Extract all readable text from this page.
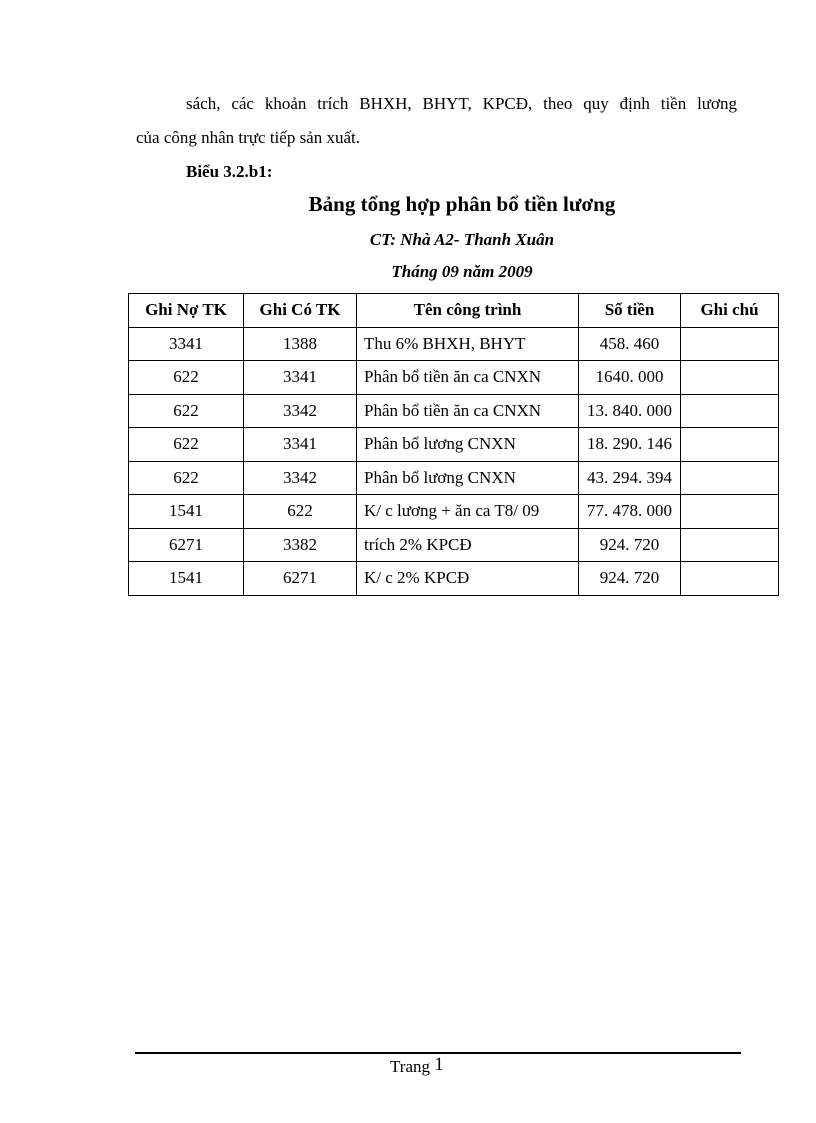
sách, các khoản trích BHXH, BHYT, KPCĐ, theo quy định tiền lương
của công nhân trực tiếp sản xuất.
Biểu 3.2.b1:
Bảng tổng hợp phân bổ tiền lương
CT: Nhà A2- Thanh Xuân
Tháng 09 năm 2009
Ghi Nợ TK	Ghi Có TK	Tên công trình	Số tiền	Ghi chú
3341	1388	Thu 6% BHXH, BHYT	458. 460	
622	3341	Phân bổ tiền ăn ca CNXN	1640. 000	
622	3342	Phân bổ tiền ăn ca CNXN	13. 840. 000	
622	3341	Phân bổ lương CNXN	18. 290. 146	
622	3342	Phân bổ lương CNXN	43. 294. 394	
1541	622	K/ c lương + ăn ca T8/ 09	77. 478. 000	
6271	3382	trích 2% KPCĐ	924. 720	
1541	6271	K/ c 2% KPCĐ	924. 720	
Trang 1
